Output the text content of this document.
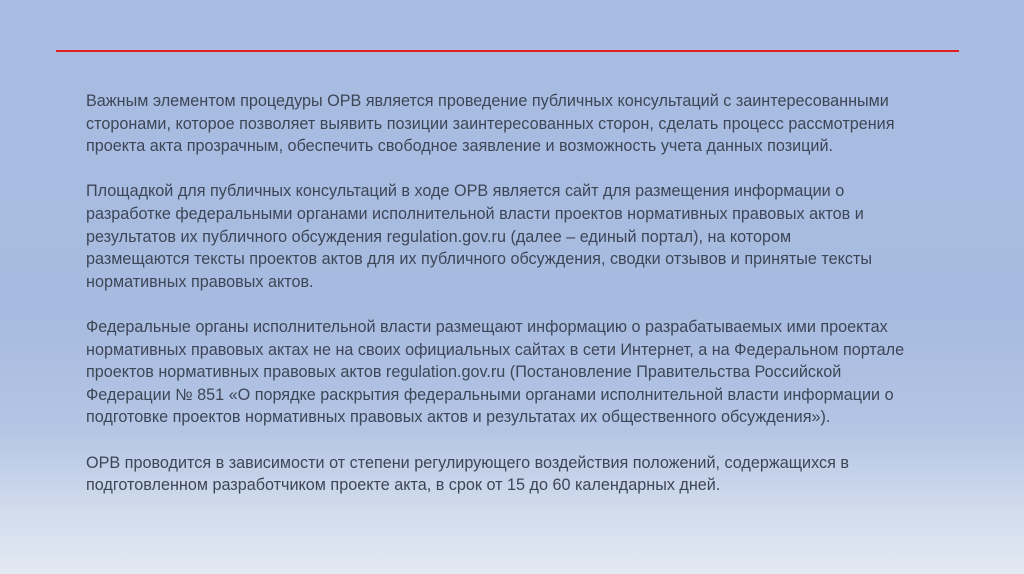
Важным элементом процедуры ОРВ является проведение публичных консультаций с заинтересованными
сторонами, которое позволяет выявить позиции заинтересованных сторон, сделать процесс рассмотрения
проекта акта прозрачным, обеспечить свободное заявление и возможность учета данных позиций.

Площадкой для публичных консультаций в ходе ОРВ является сайт для размещения информации о
разработке федеральными органами исполнительной власти проектов нормативных правовых актов и
результатов их публичного обсуждения regulation.gov.ru (далее – единый портал), на котором
размещаются тексты проектов актов для их публичного обсуждения, сводки отзывов и принятые тексты
нормативных правовых актов.

Федеральные органы исполнительной власти размещают информацию о разрабатываемых ими проектах
нормативных правовых актах не на своих официальных сайтах в сети Интернет, а на Федеральном портале
проектов нормативных правовых актов regulation.gov.ru (Постановление Правительства Российской
Федерации № 851 «О порядке раскрытия федеральными органами исполнительной власти информации о
подготовке проектов нормативных правовых актов и результатах их общественного обсуждения»).

ОРВ проводится в зависимости от степени регулирующего воздействия положений, содержащихся в
подготовленном разработчиком проекте акта, в срок от 15 до 60 календарных дней.
